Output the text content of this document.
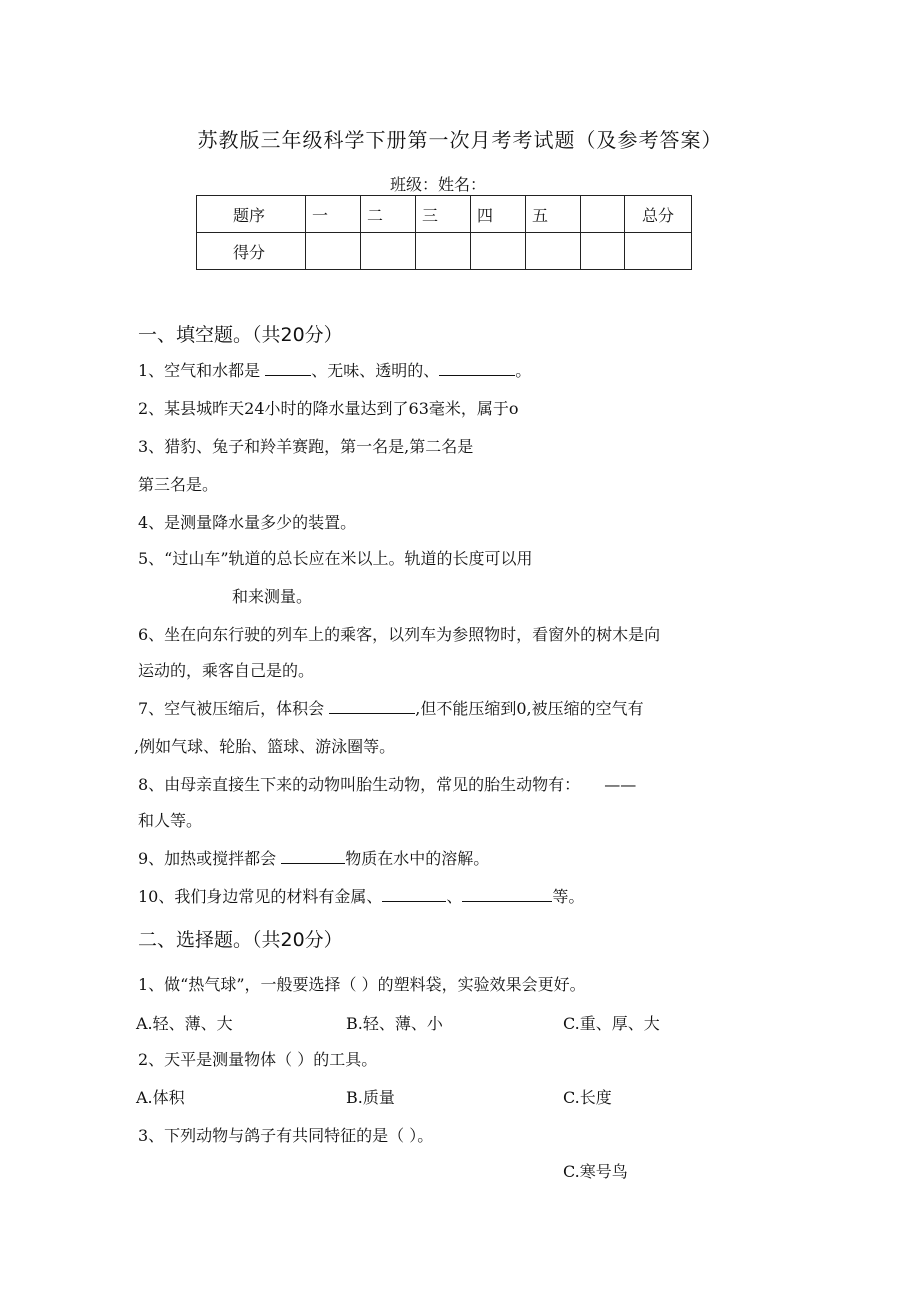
苏教版三年级科学下册第一次月考考试题（及参考答案）
班级：姓名：
题序	一	二	三	四	五		总分
得分							
一、填空题。（共20分）
1、空气和水都是	、无味、透明的、	。
2、某县城昨天24小时的降水量达到了63毫米，属于o
3、猎豹、兔子和羚羊赛跑，第一名是,第二名是
第三名是。
4、是测量降水量多少的装置。
5、“过山车”轨道的总长应在米以上。轨道的长度可以用
和来测量。
6、坐在向东行驶的列车上的乘客，以列车为参照物时，看窗外的树木是向
运动的，乘客自己是的。
7、空气被压缩后，体积会	,但不能压缩到0,被压缩的空气有
,例如气球、轮胎、篮球、游泳圈等。
8、由母亲直接生下来的动物叫胎生动物，常见的胎生动物有： ——
和人等。
9、加热或搅拌都会	物质在水中的溶解。
10、我们身边常见的材料有金属、	、	等。
二、选择题。（共20分）
1、做“热气球”，一般要选择（ ）的塑料袋，实验效果会更好。
A.轻、薄、大	B.轻、薄、小	C.重、厚、大
2、天平是测量物体（ ）的工具。
A.体积	B.质量	C.长度
3、下列动物与鸽子有共同特征的是（ ）。
C.寒号鸟
